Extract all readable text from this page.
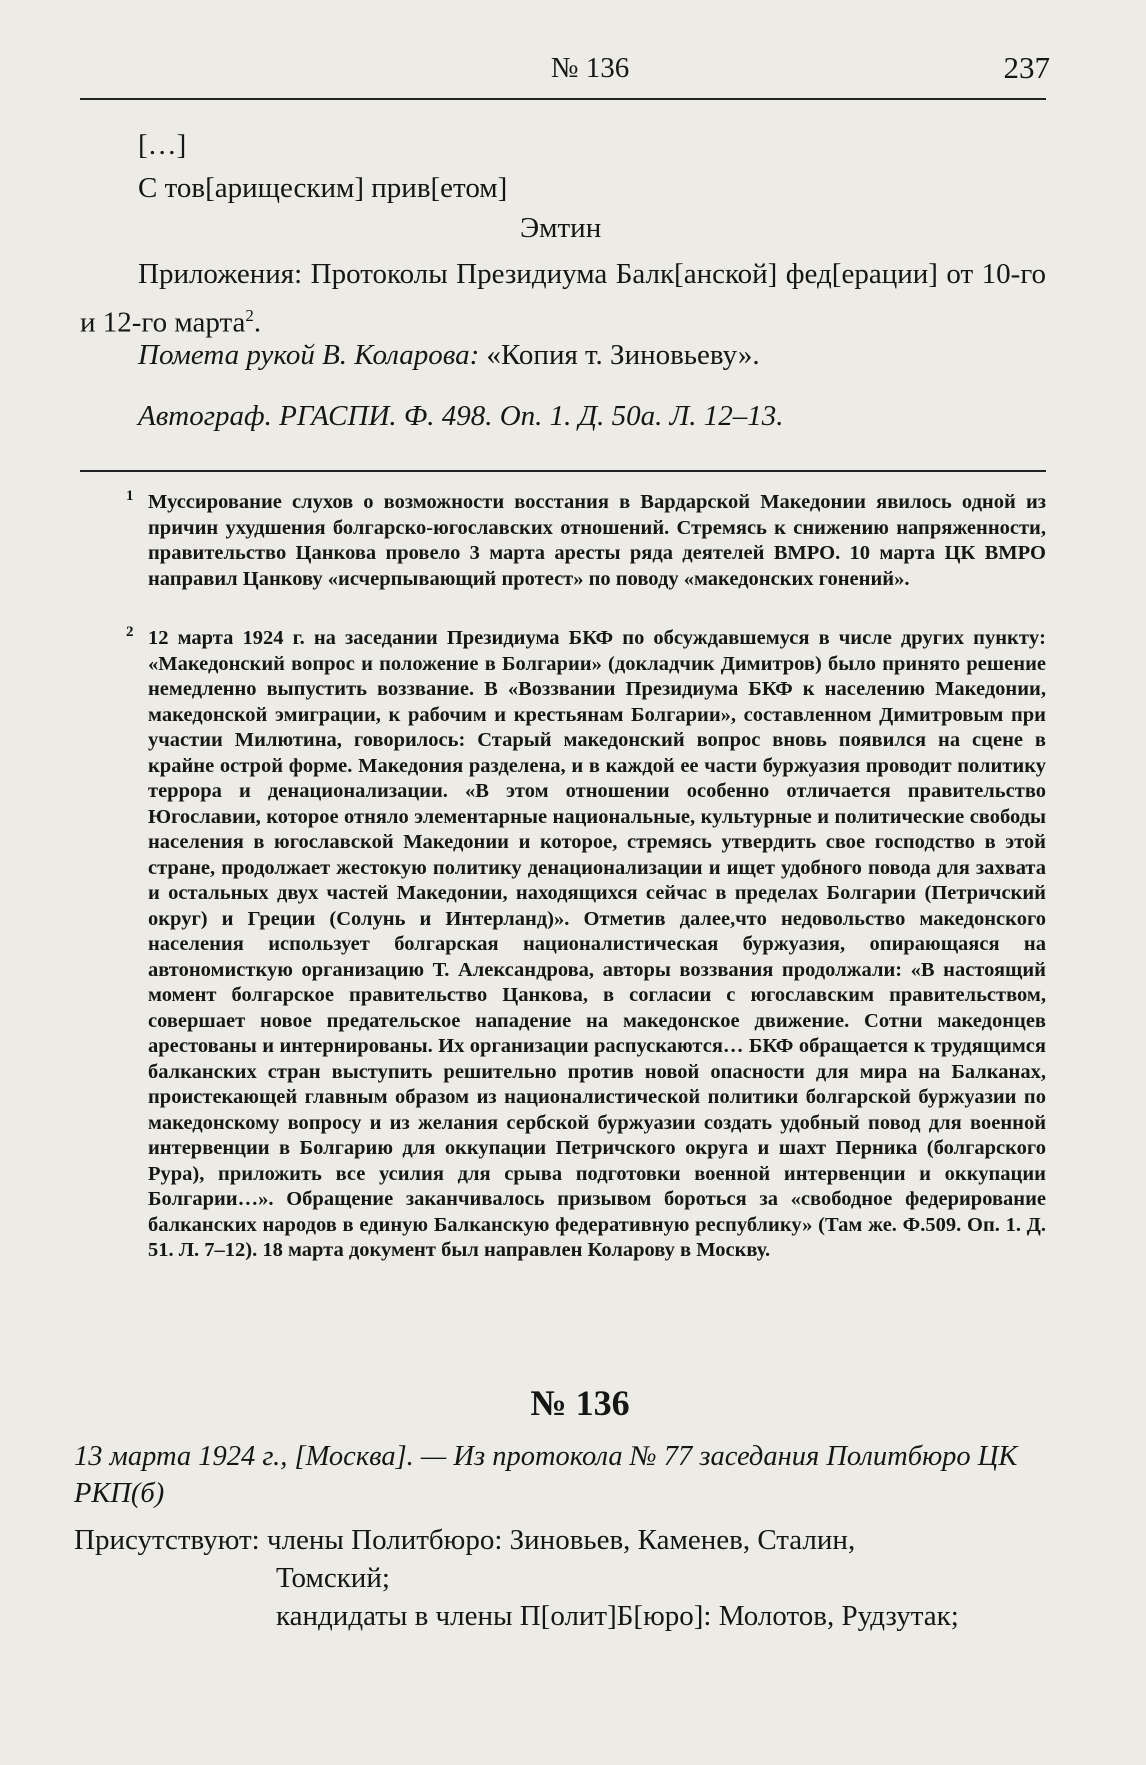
№ 136	237

[…]

С тов[арищеским] прив[етом]

Эмтин

Приложения: Протоколы Президиума Балк[анской] фед[ерации] от 10-го и 12-го марта$^2$.

Помета рукой В. Коларова: «Копия т. Зиновьеву».

Автограф. РГАСПИ. Ф. 498. Оп. 1. Д. 50а. Л. 12–13.

1 Муссирование слухов о возможности восстания в Вардарской Македонии явилось одной из причин ухудшения болгарско-югославских отношений. Стремясь к снижению напряженности, правительство Цанкова провело 3 марта аресты ряда деятелей ВМРО. 10 марта ЦК ВМРО направил Цанкову «исчерпывающий протест» по поводу «македонских гонений».
2 12 марта 1924 г. на заседании Президиума БКФ по обсуждавшемуся в числе других пунктy: «Македонский вопрос и положение в Болгарии» (докладчик Димитров) было принято решение немедленно выпустить воззвание. В «Воззвании Президиума БКФ к населению Македонии, македонской эмиграции, к рабочим и крестьянам Болгарии», составленном Димитровым при участии Милютина, говорилось: Старый македонский вопрос вновь появился на сцене в крайне острой форме. Македония разделена, и в каждой ее части буржуазия проводит политику террора и денационализации. «В этом отношении особенно отличается правительство Югославии, которое отняло элементарные национальные, культурные и политические свободы населения в югославской Македонии и которое, стремясь утвердить свое господство в этой стране, продолжает жестокую политику денационализации и ищет удобного повода для захвата и остальных двух частей Македонии, находящихся сейчас в пределах Болгарии (Петричский округ) и Греции (Солунь и Интерланд)». Отметив далее,что недовольство македонского населения использует болгарская националистическая буржуазия, опирающаяся на автономисткую организацию Т. Александрова, авторы воззвания продолжали: «В настоящий момент болгарское правительство Цанкова, в согласии с югославским правительством, совершает новое предательское нападение на македонское движение. Сотни македонцев арестованы и интернированы. Их организации распускаются… БКФ обращается к трудящимся балканских стран выступить решительно против новой опасности для мира на Балканах, проистекающей главным образом из националистической политики болгарской буржуазии по македонскому вопросу и из желания сербской буржуазии создать удобный повод для военной интервенции в Болгарию для оккупации Петричского округа и шахт Перника (болгарского Рура), приложить все усилия для срыва подготовки военной интервенции и оккупации Болгарии…». Обращение заканчивалось призывом бороться за «свободное федерирование балканских народов в единую Балканскую федеративную республику» (Там же. Ф.509. Оп. 1. Д. 51. Л. 7–12). 18 марта документ был направлен Коларову в Москву.
№ 136

13 марта 1924 г., [Москва]. — Из протокола № 77 заседания Политбюро ЦК РКП(б)

Присутствуют: члены Политбюро: Зиновьев, Каменев, Сталин,

Томский;

кандидаты в члены П[олит]Б[юро]: Молотов, Рудзутак;
